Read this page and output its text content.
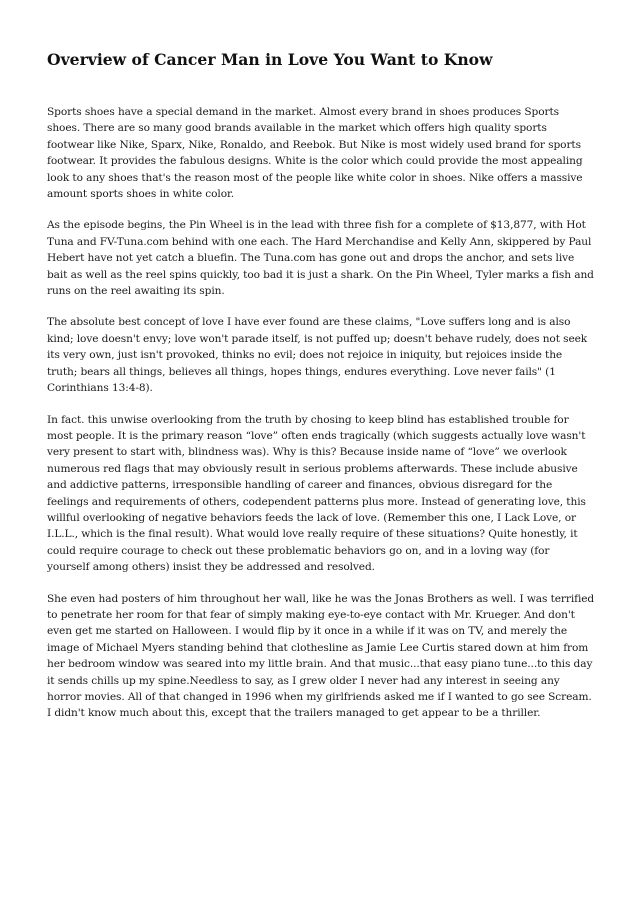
Overview of Cancer Man in Love You Want to Know

Sports shoes have a special demand in the market. Almost every brand in shoes produces Sports shoes. There are so many good brands available in the market which offers high quality sports footwear like Nike, Sparx, Nike, Ronaldo, and Reebok. But Nike is most widely used brand for sports footwear. It provides the fabulous designs. White is the color which could provide the most appealing look to any shoes that's the reason most of the people like white color in shoes. Nike offers a massive amount sports shoes in white color.

As the episode begins, the Pin Wheel is in the lead with three fish for a complete of $13,877, with Hot Tuna and FV-Tuna.com behind with one each. The Hard Merchandise and Kelly Ann, skippered by Paul Hebert have not yet catch a bluefin. The Tuna.com has gone out and drops the anchor, and sets live bait as well as the reel spins quickly, too bad it is just a shark. On the Pin Wheel, Tyler marks a fish and runs on the reel awaiting its spin.

The absolute best concept of love I have ever found are these claims, "Love suffers long and is also kind; love doesn't envy; love won't parade itself, is not puffed up; doesn't behave rudely, does not seek its very own, just isn't provoked, thinks no evil; does not rejoice in iniquity, but rejoices inside the truth; bears all things, believes all things, hopes things, endures everything. Love never fails" (1 Corinthians 13:4-8).

In fact. this unwise overlooking from the truth by chosing to keep blind has established trouble for most people. It is the primary reason “love” often ends tragically (which suggests actually love wasn't very present to start with, blindness was). Why is this? Because inside name of “love” we overlook numerous red flags that may obviously result in serious problems afterwards. These include abusive and addictive patterns, irresponsible handling of career and finances, obvious disregard for the feelings and requirements of others, codependent patterns plus more. Instead of generating love, this willful overlooking of negative behaviors feeds the lack of love. (Remember this one, I Lack Love, or I.L.L., which is the final result). What would love really require of these situations? Quite honestly, it could require courage to check out these problematic behaviors go on, and in a loving way (for yourself among others) insist they be addressed and resolved.

She even had posters of him throughout her wall, like he was the Jonas Brothers as well. I was terrified to penetrate her room for that fear of simply making eye-to-eye contact with Mr. Krueger. And don't even get me started on Halloween. I would flip by it once in a while if it was on TV, and merely the image of Michael Myers standing behind that clothesline as Jamie Lee Curtis stared down at him from her bedroom window was seared into my little brain. And that music...that easy piano tune...to this day it sends chills up my spine.Needless to say, as I grew older I never had any interest in seeing any horror movies. All of that changed in 1996 when my girlfriends asked me if I wanted to go see Scream. I didn't know much about this, except that the trailers managed to get appear to be a thriller.
